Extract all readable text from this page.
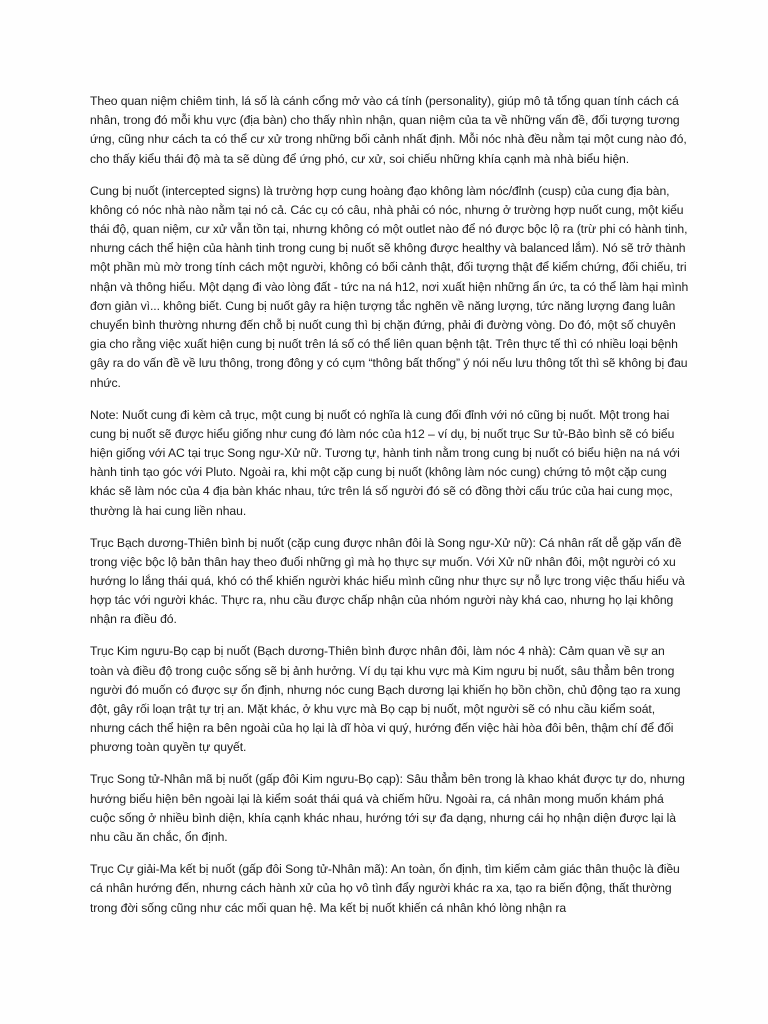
Theo quan niệm chiêm tinh, lá số là cánh cổng mở vào cá tính (personality), giúp mô tả tổng quan tính cách cá nhân, trong đó mỗi khu vực (địa bàn) cho thấy nhìn nhận, quan niệm của ta về những vấn đề, đối tượng tương ứng, cũng như cách ta có thể cư xử trong những bối cảnh nhất định. Mỗi nóc nhà đều nằm tại một cung nào đó, cho thấy kiểu thái độ mà ta sẽ dùng để ứng phó, cư xử, soi chiếu những khía cạnh mà nhà biểu hiện.

Cung bị nuốt (intercepted signs) là trường hợp cung hoàng đạo không làm nóc/đỉnh (cusp) của cung địa bàn, không có nóc nhà nào nằm tại nó cả. Các cụ có câu, nhà phải có nóc, nhưng ở trường hợp nuốt cung, một kiểu thái độ, quan niệm, cư xử vẫn tồn tại, nhưng không có một outlet nào để nó được bộc lộ ra (trừ phi có hành tinh, nhưng cách thể hiện của hành tinh trong cung bị nuốt sẽ không được healthy và balanced lắm). Nó sẽ trở thành một phần mù mờ trong tính cách một người, không có bối cảnh thật, đối tượng thật để kiểm chứng, đối chiếu, tri nhận và thông hiểu. Một dạng đi vào lòng đất - tức na ná h12, nơi xuất hiện những ẩn ức, ta có thể làm hại mình đơn giản vì... không biết. Cung bị nuốt gây ra hiện tượng tắc nghẽn về năng lượng, tức năng lượng đang luân chuyển bình thường nhưng đến chỗ bị nuốt cung thì bị chặn đứng, phải đi đường vòng. Do đó, một số chuyên gia cho rằng việc xuất hiện cung bị nuốt trên lá số có thể liên quan bệnh tật. Trên thực tế thì có nhiều loại bệnh gây ra do vấn đề về lưu thông, trong đông y có cụm “thông bất thống” ý nói nếu lưu thông tốt thì sẽ không bị đau nhức.

Note: Nuốt cung đi kèm cả trục, một cung bị nuốt có nghĩa là cung đối đỉnh với nó cũng bị nuốt. Một trong hai cung bị nuốt sẽ được hiểu giống như cung đó làm nóc của h12 – ví dụ, bị nuốt trục Sư tử-Bảo bình sẽ có biểu hiện giống với AC tại trục Song ngư-Xử nữ. Tương tự, hành tinh nằm trong cung bị nuốt có biểu hiện na ná với hành tinh tạo góc với Pluto. Ngoài ra, khi một cặp cung bị nuốt (không làm nóc cung) chứng tỏ một cặp cung khác sẽ làm nóc của 4 địa bàn khác nhau, tức trên lá số người đó sẽ có đồng thời cấu trúc của hai cung mọc, thường là hai cung liền nhau.

Trục Bạch dương-Thiên bình bị nuốt (cặp cung được nhân đôi là Song ngư-Xử nữ): Cá nhân rất dễ gặp vấn đề trong việc bộc lộ bản thân hay theo đuổi những gì mà họ thực sự muốn. Với Xử nữ nhân đôi, một người có xu hướng lo lắng thái quá, khó có thể khiến người khác hiểu mình cũng như thực sự nỗ lực trong việc thấu hiểu và hợp tác với người khác. Thực ra, nhu cầu được chấp nhận của nhóm người này khá cao, nhưng họ lại không nhận ra điều đó.

Trục Kim ngưu-Bọ cạp bị nuốt (Bạch dương-Thiên bình được nhân đôi, làm nóc 4 nhà): Cảm quan về sự an toàn và điều độ trong cuộc sống sẽ bị ảnh hưởng. Ví dụ tại khu vực mà Kim ngưu bị nuốt, sâu thẳm bên trong người đó muốn có được sự ổn định, nhưng nóc cung Bạch dương lại khiến họ bồn chồn, chủ động tạo ra xung đột, gây rối loạn trật tự trị an. Mặt khác, ở khu vực mà Bọ cạp bị nuốt, một người sẽ có nhu cầu kiểm soát, nhưng cách thể hiện ra bên ngoài của họ lại là dĩ hòa vi quý, hướng đến việc hài hòa đôi bên, thậm chí để đối phương toàn quyền tự quyết.

Trục Song tử-Nhân mã bị nuốt (gấp đôi Kim ngưu-Bọ cạp): Sâu thẳm bên trong là khao khát được tự do, nhưng hướng biểu hiện bên ngoài lại là kiểm soát thái quá và chiếm hữu. Ngoài ra, cá nhân mong muốn khám phá cuộc sống ở nhiều bình diện, khía cạnh khác nhau, hướng tới sự đa dạng, nhưng cái họ nhận diện được lại là nhu cầu ăn chắc, ổn định.

Trục Cự giải-Ma kết bị nuốt (gấp đôi Song tử-Nhân mã): An toàn, ổn định, tìm kiếm cảm giác thân thuộc là điều cá nhân hướng đến, nhưng cách hành xử của họ vô tình đẩy người khác ra xa, tạo ra biến động, thất thường trong đời sống cũng như các mối quan hệ. Ma kết bị nuốt khiến cá nhân khó lòng nhận ra
